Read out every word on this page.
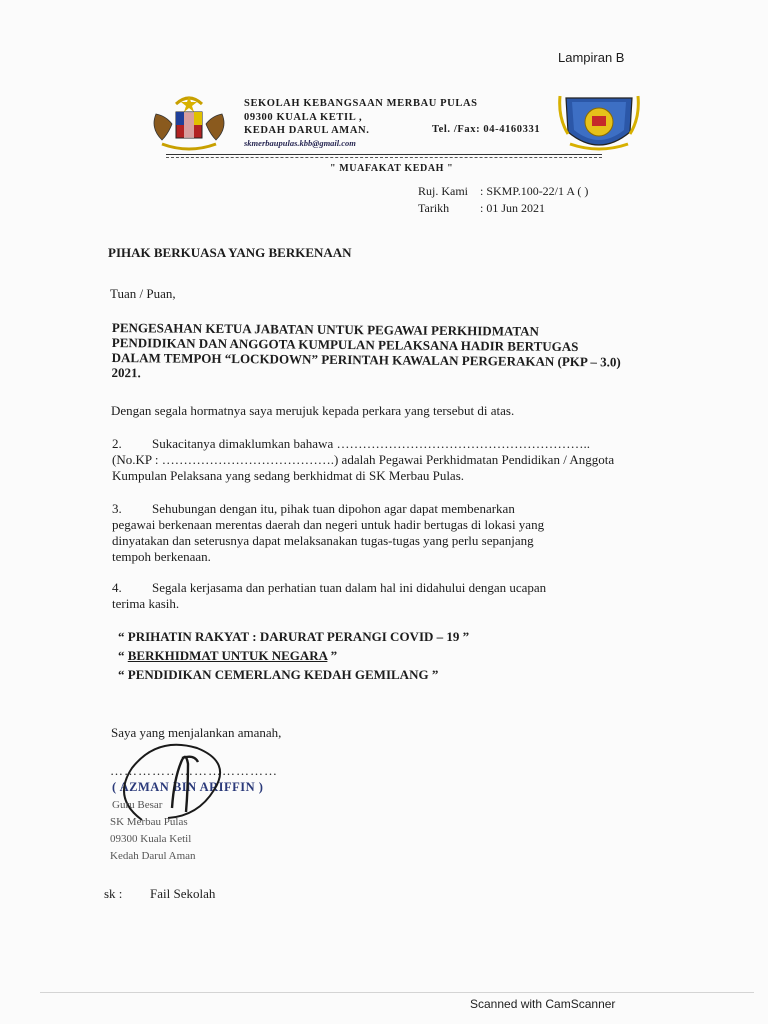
Lampiran B
SEKOLAH KEBANGSAAN MERBAU PULAS
09300 KUALA KETIL ,
KEDAH DARUL AMAN.
skmerbaupulas.kbb@gmail.com
Tel. /Fax: 04-4160331
" MUAFAKAT KEDAH "
Ruj. Kami : SKMP.100-22/1 A ( )
Tarikh	: 01 Jun 2021
PIHAK BERKUASA YANG BERKENAAN
Tuan / Puan,
PENGESAHAN KETUA JABATAN UNTUK PEGAWAI PERKHIDMATAN
PENDIDIKAN DAN ANGGOTA KUMPULAN PELAKSANA HADIR BERTUGAS
DALAM TEMPOH “LOCKDOWN” PERINTAH KAWALAN PERGERAKAN (PKP – 3.0)
2021.
Dengan segala hormatnya saya merujuk kepada perkara yang tersebut di atas.
2. Sukacitanya dimaklumkan bahawa …………………………………………………..
(No.KP : ………………………………….) adalah Pegawai Perkhidmatan Pendidikan / Anggota
Kumpulan Pelaksana yang sedang berkhidmat di SK Merbau Pulas.
3. Sehubungan dengan itu, pihak tuan dipohon agar dapat membenarkan
pegawai berkenaan merentas daerah dan negeri untuk hadir bertugas di lokasi yang
dinyatakan dan seterusnya dapat melaksanakan tugas-tugas yang perlu sepanjang
tempoh berkenaan.
4. Segala kerjasama dan perhatian tuan dalam hal ini didahului dengan ucapan
terima kasih.
“ PRIHATIN RAKYAT : DARURAT PERANGI COVID – 19 ”
“ BERKHIDMAT UNTUK NEGARA ”
“ PENDIDIKAN CEMERLANG KEDAH GEMILANG ”
Saya yang menjalankan amanah,
………………………………
( AZMAN BIN ARIFFIN )
Guru Besar
SK Merbau Pulas
09300 Kuala Ketil
Kedah Darul Aman
sk : Fail Sekolah
Scanned with CamScanner
